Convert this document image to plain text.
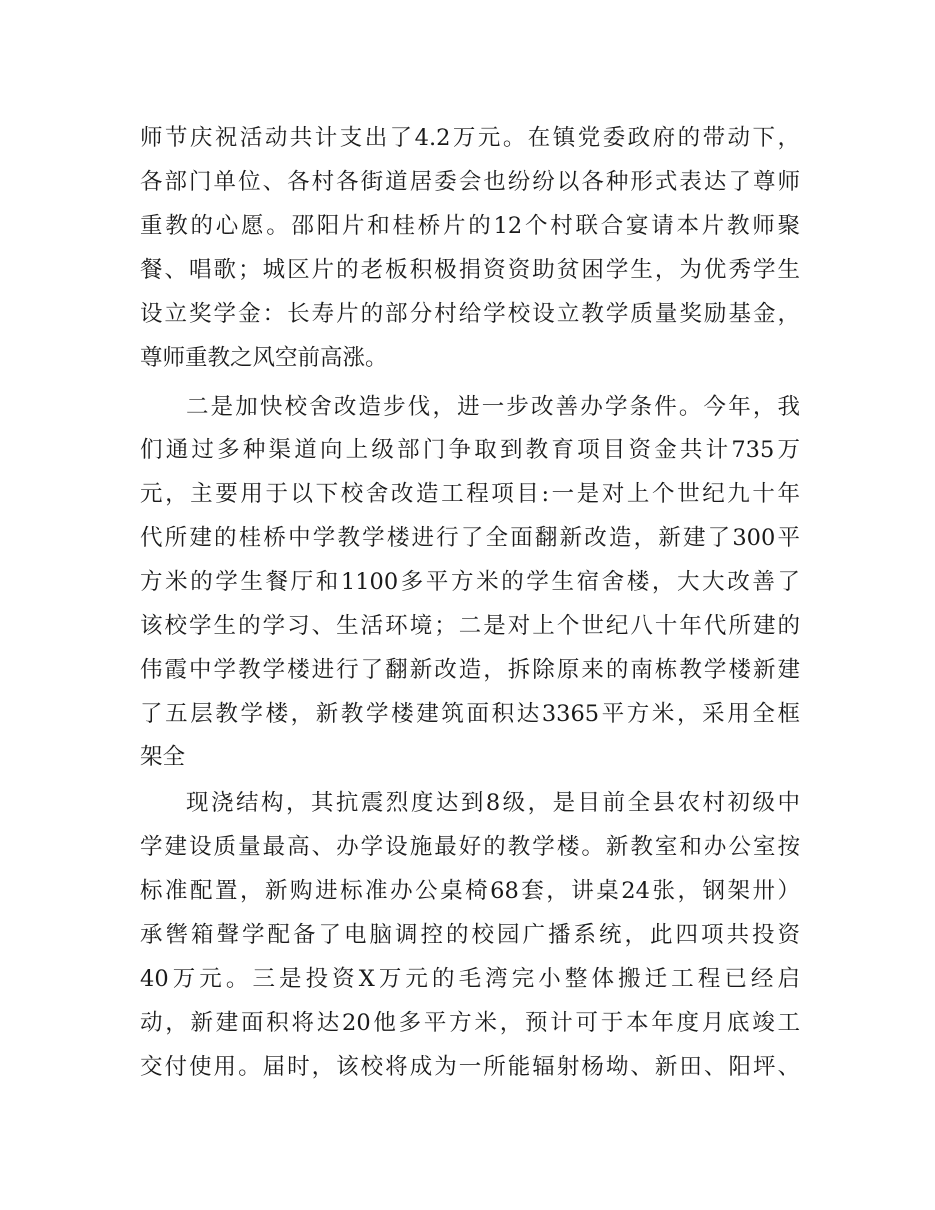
师节庆祝活动共计支出了4.2万元。在镇党委政府的带动下，
各部门单位、各村各街道居委会也纷纷以各种形式表达了尊师
重教的心愿。邵阳片和桂桥片的12个村联合宴请本片教师聚
餐、唱歌；城区片的老板积极捐资资助贫困学生，为优秀学生
设立奖学金：长寿片的部分村给学校设立教学质量奖励基金，
尊师重教之风空前高涨。
二是加快校舍改造步伐，进一步改善办学条件。今年，我
们通过多种渠道向上级部门争取到教育项目资金共计735万
元，主要用于以下校舍改造工程项目:一是对上个世纪九十年
代所建的桂桥中学教学楼进行了全面翻新改造，新建了300平
方米的学生餐厅和1100多平方米的学生宿舍楼，大大改善了
该校学生的学习、生活环境；二是对上个世纪八十年代所建的
伟霞中学教学楼进行了翻新改造，拆除原来的南栋教学楼新建
了五层教学楼，新教学楼建筑面积达3365平方米，采用全框
架全
现浇结构，其抗震烈度达到8级，是目前全县农村初级中
学建设质量最高、办学设施最好的教学楼。新教室和办公室按
标准配置，新购进标准办公桌椅68套，讲桌24张，钢架卅）
承辔箱聲学配备了电脑调控的校园广播系统，此四项共投资
40万元。三是投资X万元的毛湾完小整体搬迁工程已经启
动，新建面积将达20他多平方米，预计可于本年度月底竣工
交付使用。届时，该校将成为一所能辐射杨坳、新田、阳坪、
